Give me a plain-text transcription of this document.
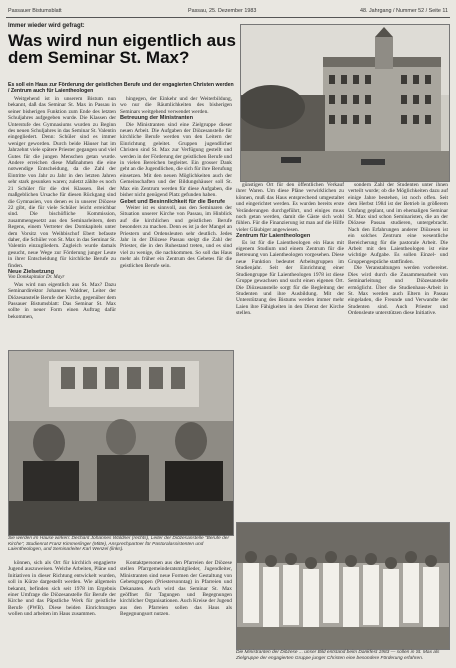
Passauer Bistumsblatt	Passau, 25. Dezember 1983	48. Jahrgang / Nummer 52 / Seite 11
Immer wieder wird gefragt:
Was wird nun eigentlich aus dem Seminar St. Max?
Es soll ein Haus zur Förderung der geistlichen Berufe und der engagierten Christen werden / Zentrum auch für Laientheologen

Weitgehend ist in unserem Bistum nun bekannt, daß das Seminar St. Max in Passau in seiner bisherigen Funktion zum Ende des letzten Schuljahres aufgegeben wurde. Die Klassen der Unterstufe des Gymnasiums wurden zu Beginn des neuen Schuljahres in das Seminar St. Valentin eingegliedert. Denn: Schüler sind es immer weniger geworden. Durch beide Häuser hat im Jahrzehnt viele spätere Priester gegangen und viel Gutes für die jungen Menschen getan wurde. Andere erreichen diese Maßnahmen die eine notwendige Entscheidung, da die Zahl der Eintritte von Jahr zu Jahr in den letzten Jahren sehr stark gesunken waren; zuletzt zählte es noch 21 Schüler für die drei Klassen. Bei der maßgeblichen Ursache für diesen Rückgang sind die Gymnasien, von denen es in unserer Diözese 22 gibt, die für viele Schüler leicht erreichbar sind. Die bischöfliche Kommission, zusammengesetzt aus den Seminarleitern, dem Regens, einem Vertreter des Domkapitels unter dem Vorsitz von Weihbischof Ebert befasste daher, die Schüler von St. Max in das Seminar St. Valentin einzugliedern. Zugleich wurde damals gesucht, neue Wege zur Förderung junger Leute in ihrer Entscheidung für kirchliche Berufe zu finden.

Neue Zielsetzung

Von Domkapitular Dr. Mayr

Was wird nun eigentlich aus St. Max? Dazu Seminardirektor Johannes Waldner, Leiter der Diözesanstelle Berufe der Kirche, gegenüber dem Passauer Bistumsblatt: Das Seminar St. Max sollte in neuer Form einen Auftrag dafür bekommen,

hingegen, der Einkehr und der Weiterbildung, wo nur die Räumlichkeiten des bisherigen Seminars weitgehend verwendet werden.

Betreuung der Ministranten

Die Ministranten sind eine Zielgruppe dieser neuen Arbeit. Die Aufgaben der Diözesanstelle für kirchliche Berufe werden von den Leitern der Einrichtung geleitet. Gruppen jugendlicher Christen sind St. Max zur Verfügung gestellt und werden in der Förderung der geistlichen Berufe und in vielen Bereichen begleitet. Ein grosser Dank geht an die Jugendlichen, die sich für ihre Berufung einsetzen. Mit den neuen Möglichkeiten auch der Gemeinschaften und der Bildungshäuser soll St. Max ein Zentrum werden für diese Aufgaben, die bisher nicht genügend Platz gefunden haben.

Gebet und Besinnlichkeit für die Berufe

Weiter ist es sinnvoll, aus den Seminaren der Situation unserer Kirche von Passau, im Hinblick auf die kirchlichen und geistlichen Berufe besonders zu machen. Denn es ist ja der Mangel an Priestern und Ordensleuten sehr deutlich. Jedes Jahr in der Diözese Passau steigt die Zahl der Priester, die in den Ruhestand treten, und es sind viel zu wenige, die nachkommen. So soll das Haus mehr als früher ein Zentrum des Gebetes für die geistlichen Berufe sein.

günstigen Ort für den öffentlichen Verkauf ihrer Waren. Um diese Pläne verwirklichen zu können, muß das Haus entsprechend umgestaltet und eingerichtet werden. Es wurden bereits erste Veränderungen durchgeführt, und einiges muss noch getan werden, damit die Gäste sich wohl fühlen. Für die Finanzierung ist man auf die Hilfe vieler Gläubiger angewiesen.

Zentrum für Laientheologen

Es ist für die Laientheologen ein Haus mit eigenem Studium und einem Zentrum für die Betreuung von Laientheologen vorgesehen. Diese neue Funktion bedeutet Arbeitsgruppen im Studienjahr. Seit der Einrichtung einer Studiengruppe für Laientheologen 1978 ist diese Gruppe gewachsen und sucht einen eigenen Ort. Die Diözesanstelle sorgt für die Begleitung der Studenten und ihre Ausbildung. Mit der Unterstützung des Bistums werden immer mehr Laien ihre Fähigkeiten in den Dienst der Kirche stellen.

sondern Zahl der Studenten unter ihnen verteilt wurde; ob die Möglichkeiten dazu auf einige Jahre bestehen, ist noch offen. Seit dem Herbst 1984 ist der Betrieb in größerem Umfang geplant, und im ehemaligen Seminar St. Max sind schon Seminaristen, die an der Diözese Passau studieren, untergebracht. Nach den Erfahrungen anderer Diözesen ist ein solches Zentrum eine wesentliche Bereicherung für die pastorale Arbeit. Die Arbeit mit den Laientheologen ist eine wichtige Aufgabe. Es sollen Einzel- und Gruppengespräche stattfinden.

Die Veranstaltungen werden vorbereitet. Dies wird durch die Zusammenarbeit von Seminarleitung und Diözesanstelle ermöglicht. Über die Studienhaus-Arbeit in St. Max werden auch Eltern in Passau eingeladen, die Freunde und Verwandte der Studenten sind. Auch Priester und Ordensleute unterstützen diese Initiative.

Sie werden im Hause wirken: Dechant Johannes Waldner (rechts), Leiter der Diözesanstelle "Berufe der Kirche", Studienrat Franz Kimmerlinger (Mitte), Ansprechpartner für Pastoralassistenten und Laientheologen, und Seminarleiter Karl Wenzel (links).

können, sich als Ort für kirchlich engagierte Jugend auszuweisen. Welche Arbeiten, Pläne und Initiativen in dieser Richtung entwickelt wurden, soll in Kürze dargestellt werden. Wie allgemein bekannt, befinden sich seit 1978 im Ergebnis einer Umfrage die Diözesanstelle für Berufe der Kirche und das Päpstliche Werk für geistliche Berufe (PWB). Diese beiden Einrichtungen wollen und arbeiten im Haus zusammen.

Kontaktpersonen aus den Pfarreien der Diözese stellen Pfarrgemeinderatsmitglieder, Jugendleiter, Ministranten sind neue Formen der Gestaltung von Gebetsgruppen (Priestersonntag) in Pfarreien und Dekanaten. Auch wird das Seminar St. Max geöffnet für Tagungen und Begegnungen kirchlicher Organisationen. Auch Kreise der Jugend aus den Pfarreien sollen das Haus als Begegnungsort nutzen.

Die Ministranten der Diözese ... unser Bild entstand beim Dankfest 1983 — sollen in St. Max als Zielgruppe der engagierten Gruppe junger Christen eine besondere Förderung erfahren.
